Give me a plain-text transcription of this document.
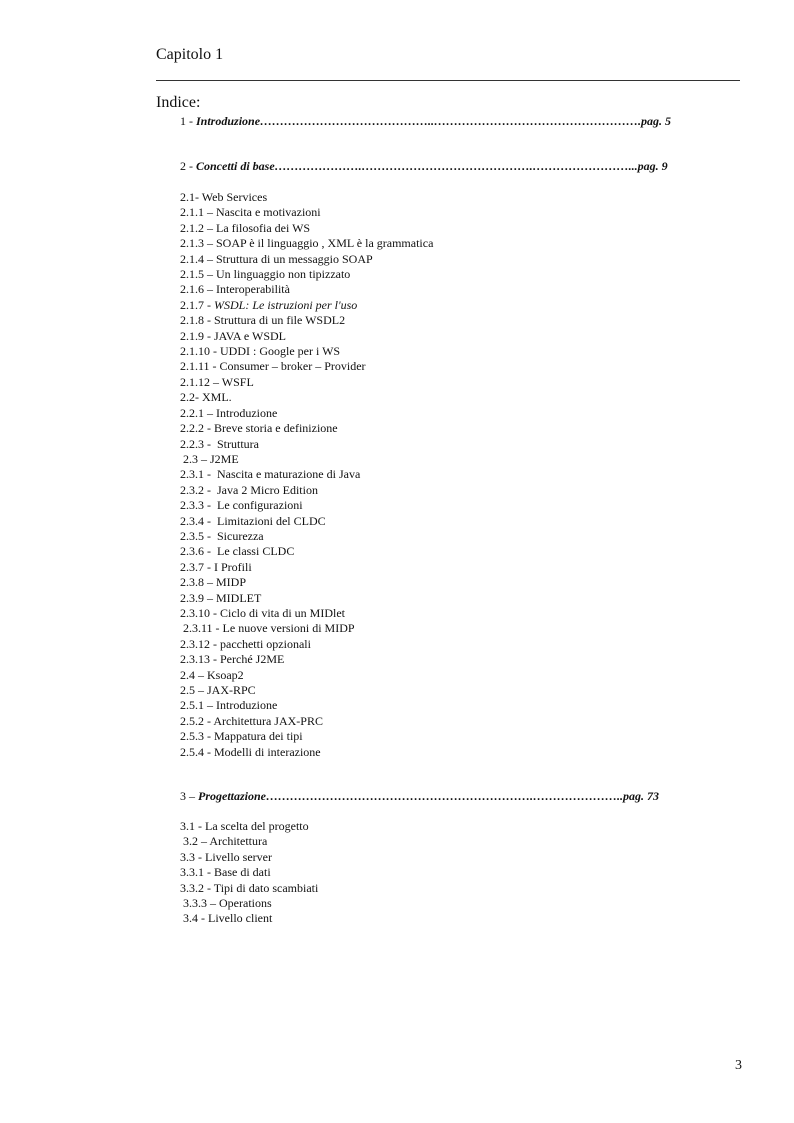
Capitolo 1
Indice:
1 - Introduzione……………………………………..…………………………………………….pag. 5
2 - Concetti di base………………….…………………………………….……………………...pag. 9
2.1- Web Services
2.1.1 – Nascita e motivazioni
2.1.2 – La filosofia dei WS
2.1.3 – SOAP è il linguaggio , XML è la grammatica
2.1.4 – Struttura di un messaggio SOAP
2.1.5 – Un linguaggio non tipizzato
2.1.6 – Interoperabilità
2.1.7 - WSDL: Le istruzioni per l'uso
2.1.8 - Struttura di un file WSDL2
2.1.9 - JAVA e WSDL
2.1.10 - UDDI : Google per i WS
2.1.11 - Consumer – broker – Provider
2.1.12 – WSFL
2.2- XML.
2.2.1 – Introduzione
2.2.2 - Breve storia e definizione
2.2.3 -  Struttura
2.3 – J2ME
2.3.1 -  Nascita e maturazione di Java
2.3.2 -  Java 2 Micro Edition
2.3.3 -  Le configurazioni
2.3.4 -  Limitazioni del CLDC
2.3.5 -  Sicurezza
2.3.6 -  Le classi CLDC
2.3.7 - I Profili
2.3.8 – MIDP
2.3.9 – MIDLET
2.3.10 - Ciclo di vita di un MIDlet
2.3.11 - Le nuove versioni di MIDP
2.3.12 - pacchetti opzionali
2.3.13 - Perché J2ME
2.4 – Ksoap2
2.5 – JAX-RPC
2.5.1 – Introduzione
2.5.2 - Architettura JAX-PRC
2.5.3 - Mappatura dei tipi
2.5.4 - Modelli di interazione
3 – Progettazione………………………………………………………….…………………..pag. 73
3.1 - La scelta del progetto
3.2 – Architettura
3.3 - Livello server
3.3.1 - Base di dati
3.3.2 - Tipi di dato scambiati
3.3.3 – Operations
3.4 - Livello client
3
